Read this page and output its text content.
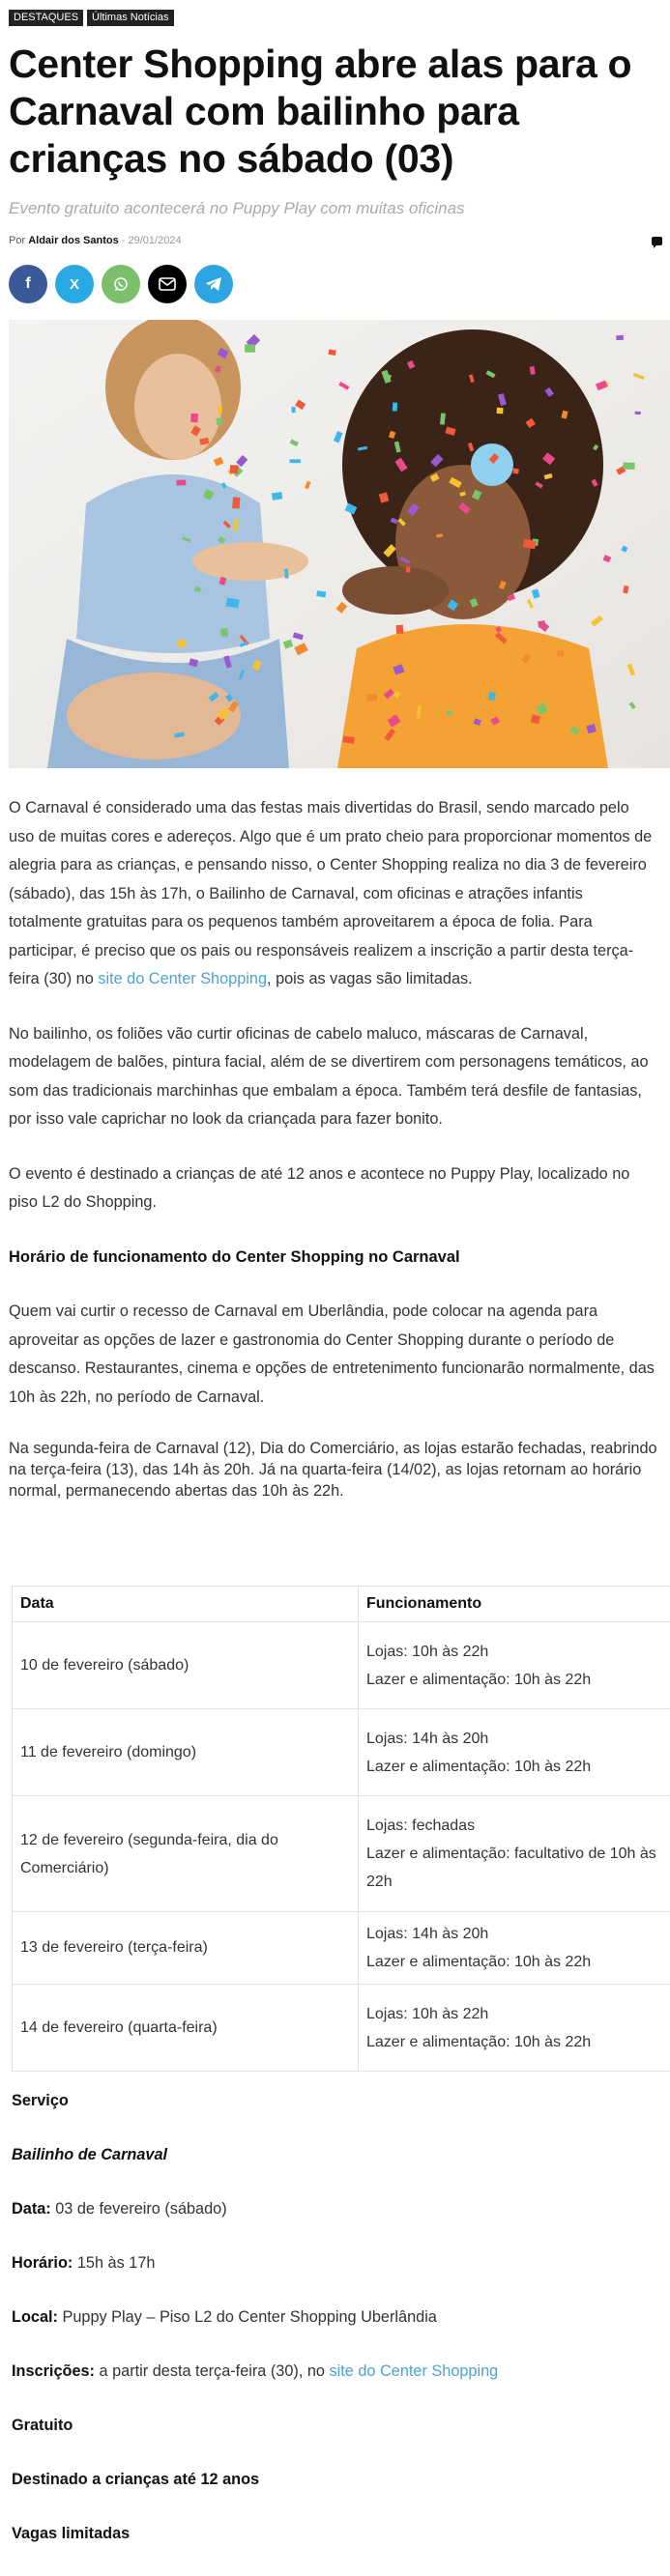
DESTAQUES	Últimas Notícias
Center Shopping abre alas para o Carnaval com bailinho para crianças no sábado (03)
Evento gratuito acontecerá no Puppy Play com muitas oficinas
Por Aldair dos Santos - 29/01/2024
f	X

O Carnaval é considerado uma das festas mais divertidas do Brasil, sendo marcado pelo
uso de muitas cores e adereços. Algo que é um prato cheio para proporcionar momentos de
alegria para as crianças, e pensando nisso, o Center Shopping realiza no dia 3 de fevereiro
(sábado), das 15h às 17h, o Bailinho de Carnaval, com oficinas e atrações infantis
totalmente gratuitas para os pequenos também aproveitarem a época de folia. Para
participar, é preciso que os pais ou responsáveis realizem a inscrição a partir desta terça-
feira (30) no site do Center Shopping, pois as vagas são limitadas.

No bailinho, os foliões vão curtir oficinas de cabelo maluco, máscaras de Carnaval,
modelagem de balões, pintura facial, além de se divertirem com personagens temáticos, ao
som das tradicionais marchinhas que embalam a época. Também terá desfile de fantasias,
por isso vale caprichar no look da criançada para fazer bonito.

O evento é destinado a crianças de até 12 anos e acontece no Puppy Play, localizado no
piso L2 do Shopping.

Horário de funcionamento do Center Shopping no Carnaval

Quem vai curtir o recesso de Carnaval em Uberlândia, pode colocar na agenda para
aproveitar as opções de lazer e gastronomia do Center Shopping durante o período de
descanso. Restaurantes, cinema e opções de entretenimento funcionarão normalmente, das
10h às 22h, no período de Carnaval.

Na segunda-feira de Carnaval (12), Dia do Comerciário, as lojas estarão fechadas, reabrindo
na terça-feira (13), das 14h às 20h. Já na quarta-feira (14/02), as lojas retornam ao horário
normal, permanecendo abertas das 10h às 22h.

Data	Funcionamento
10 de fevereiro (sábado)	Lojas: 10h às 22h
Lazer e alimentação: 10h às 22h

11 de fevereiro (domingo)	Lojas: 14h às 20h
Lazer e alimentação: 10h às 22h

12 de fevereiro (segunda-feira, dia do Comerciário)	Lojas: fechadas
Lazer e alimentação: facultativo de 10h às 22h

13 de fevereiro (terça-feira)	Lojas: 14h às 20h
Lazer e alimentação: 10h às 22h

14 de fevereiro (quarta-feira)	Lojas: 10h às 22h
Lazer e alimentação: 10h às 22h
Serviço
Bailinho de Carnaval
Data: 03 de fevereiro (sábado)
Horário: 15h às 17h
Local: Puppy Play – Piso L2 do Center Shopping Uberlândia
Inscrições: a partir desta terça-feira (30), no site do Center Shopping
Gratuito
Destinado a crianças até 12 anos
Vagas limitadas
